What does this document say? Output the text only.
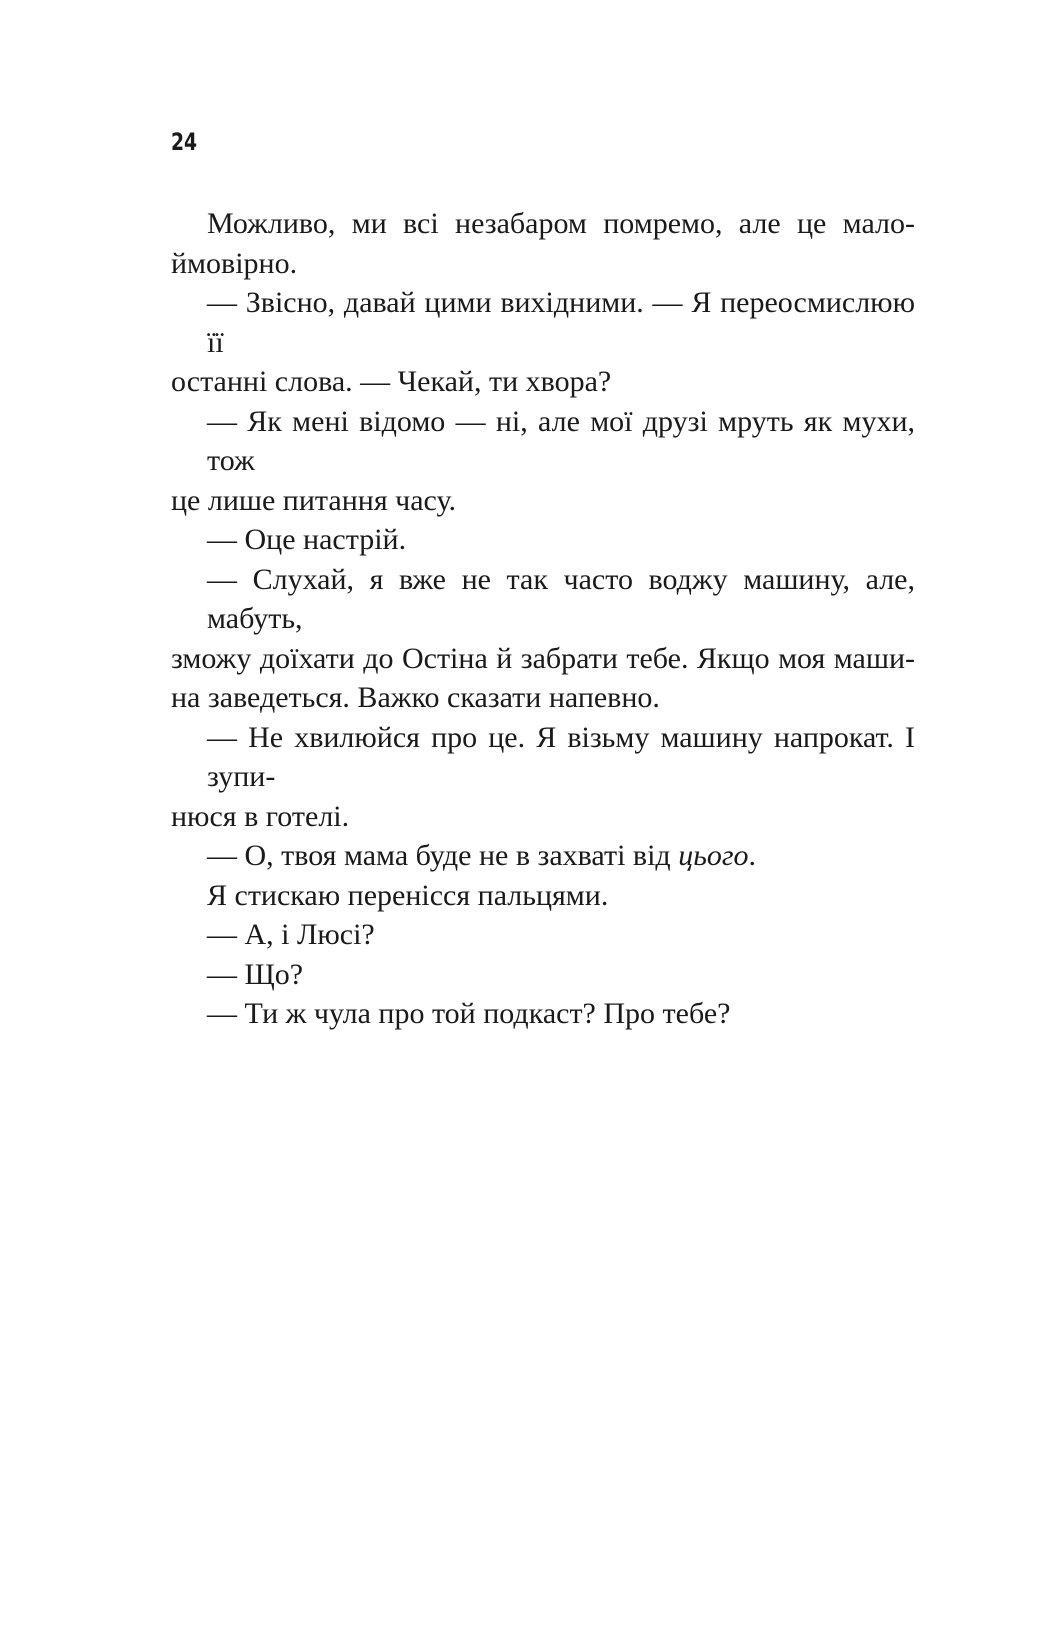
24
Можливо, ми всі незабаром помремо, але це мало-
ймовірно.
— Звісно, давай цими вихідними. — Я переосмислюю її
останні слова. — Чекай, ти хвора?
— Як мені відомо — ні, але мої друзі мруть як мухи, тож
це лише питання часу.
— Оце настрій.
— Слухай, я вже не так часто воджу машину, але, мабуть,
зможу доїхати до Остіна й забрати тебе. Якщо моя маши-
на заведеться. Важко сказати напевно.
— Не хвилюйся про це. Я візьму машину напрокат. І зупи-
нюся в готелі.
— О, твоя мама буде не в захваті від цього.
Я стискаю перенісся пальцями.
— А, і Люсі?
— Що?
— Ти ж чула про той подкаст? Про тебе?
